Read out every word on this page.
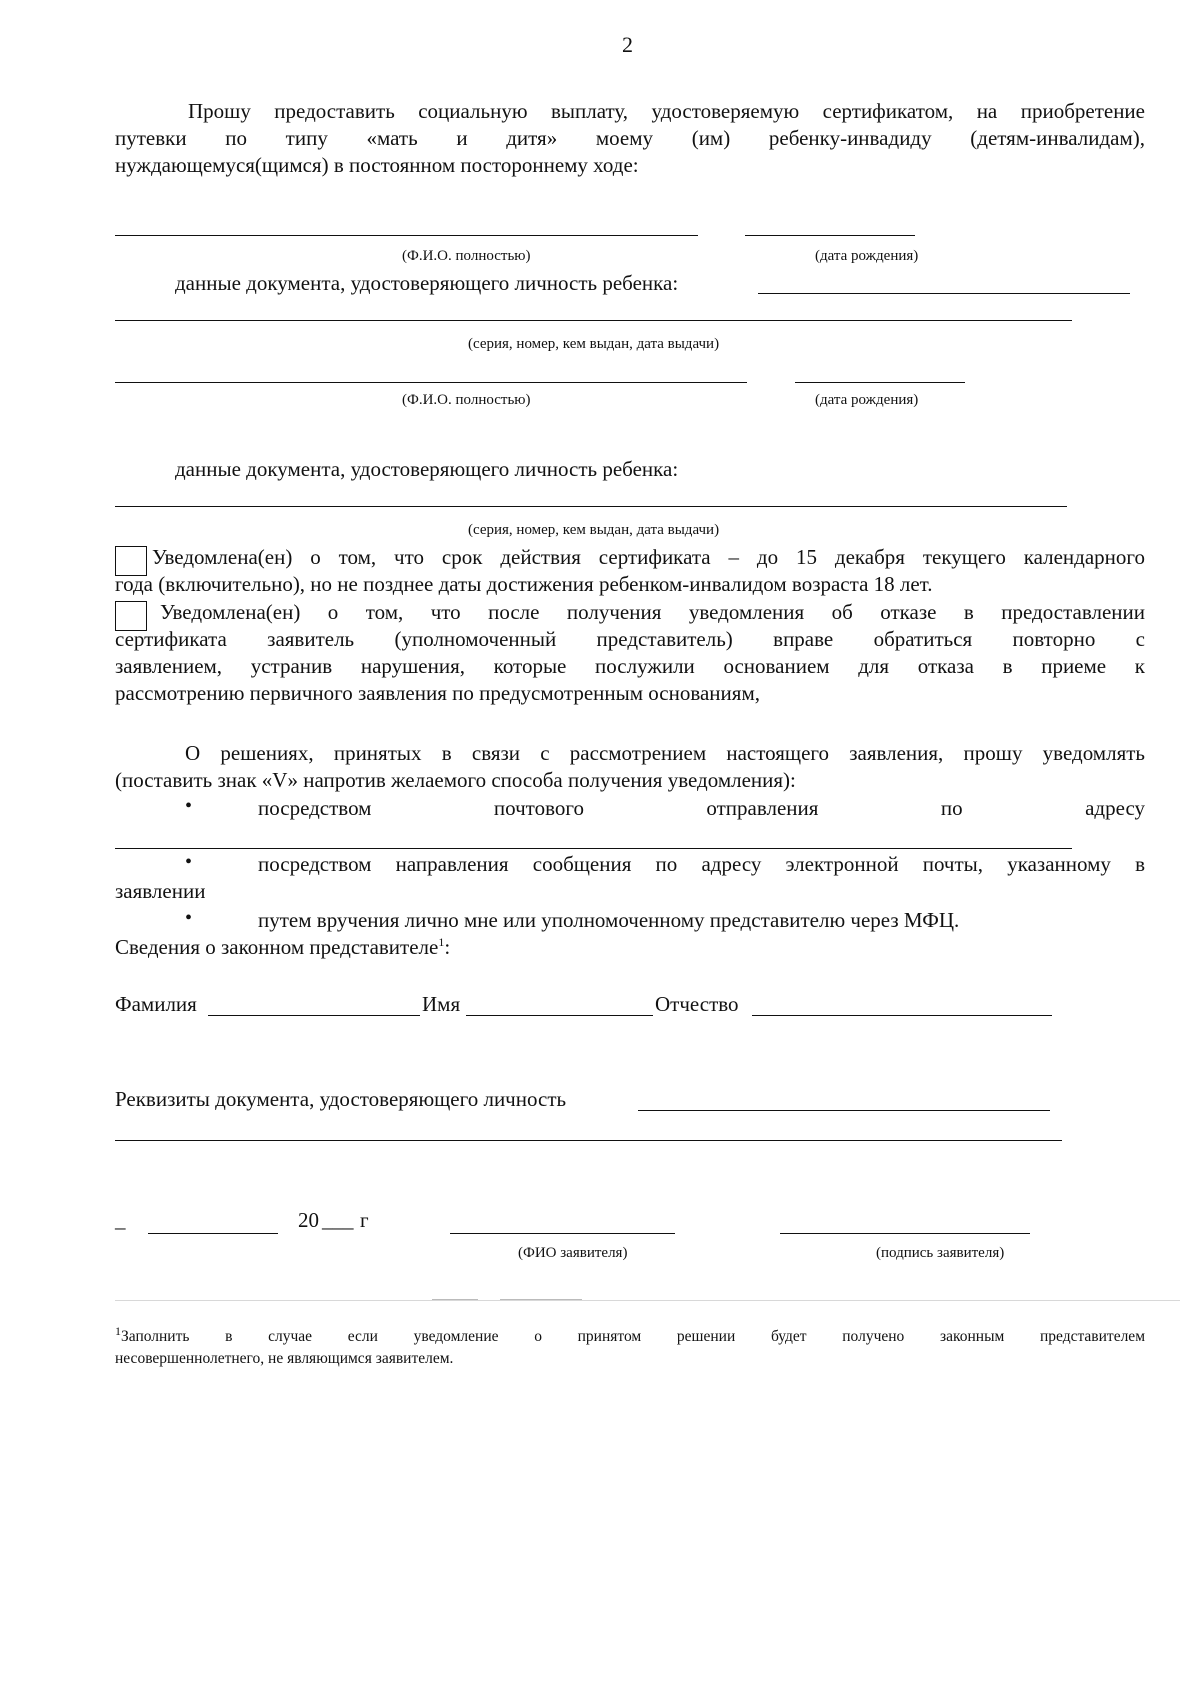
2
Прошу предоставить социальную выплату, удостоверяемую сертификатом, на приобретение
путевки по типу «мать и дитя» моему (им) ребенку-инвадиду (детям-инвалидам),
нуждающемуся(щимся) в постоянном постороннему ходе:
(Ф.И.О. полностью)	(дата рождения)
данные документа, удостоверяющего личность ребенка:
(серия, номер, кем выдан, дата выдачи)
(Ф.И.О. полностью)	(дата рождения)
данные документа, удостоверяющего личность ребенка:
(серия, номер, кем выдан, дата выдачи)
Уведомлена(ен) о том, что срок действия сертификата – до 15 декабря текущего календарного
года (включительно), но не позднее даты достижения ребенком-инвалидом возраста 18 лет.
Уведомлена(ен) о том, что после получения уведомления об отказе в предоставлении
сертификата заявитель (уполномоченный представитель) вправе обратиться повторно с
заявлением, устранив нарушения, которые послужили основанием для отказа в приеме к
рассмотрению первичного заявления по предусмотренным основаниям,
О решениях, принятых в связи с рассмотрением настоящего заявления, прошу уведомлять
(поставить знак «V» напротив желаемого способа получения уведомления):
•	посредством почтового отправления по адресу
•	посредством направления сообщения по адресу электронной почты, указанному в
заявлении
•	путем вручения лично мне или уполномоченному представителю через МФЦ.
Сведения о законном представителе$^1$:
Фамилия	Имя	Отчество
Реквизиты документа, удостоверяющего личность
_	20 ___ г
(ФИО заявителя)	(подпись заявителя)
$^1$Заполнить в случае если уведомление о принятом решении будет получено законным представителем
несовершеннолетнего, не являющимся заявителем.
